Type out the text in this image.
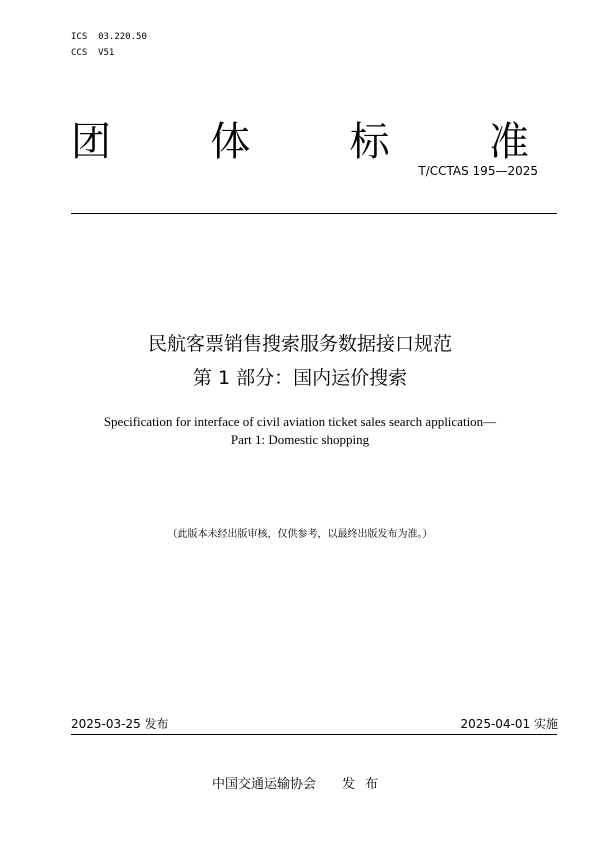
ICS  03.220.50
CCS  V51
团 体 标 准
T/CCTAS 195—2025
民航客票销售搜索服务数据接口规范
第 1 部分：国内运价搜索
Specification for interface of civil aviation ticket sales search application—
Part 1: Domestic shopping
（此版本未经出版审核，仅供参考，以最终出版发布为准。）
2025-03-25 发布	2025-04-01 实施
中国交通运输协会 发布
